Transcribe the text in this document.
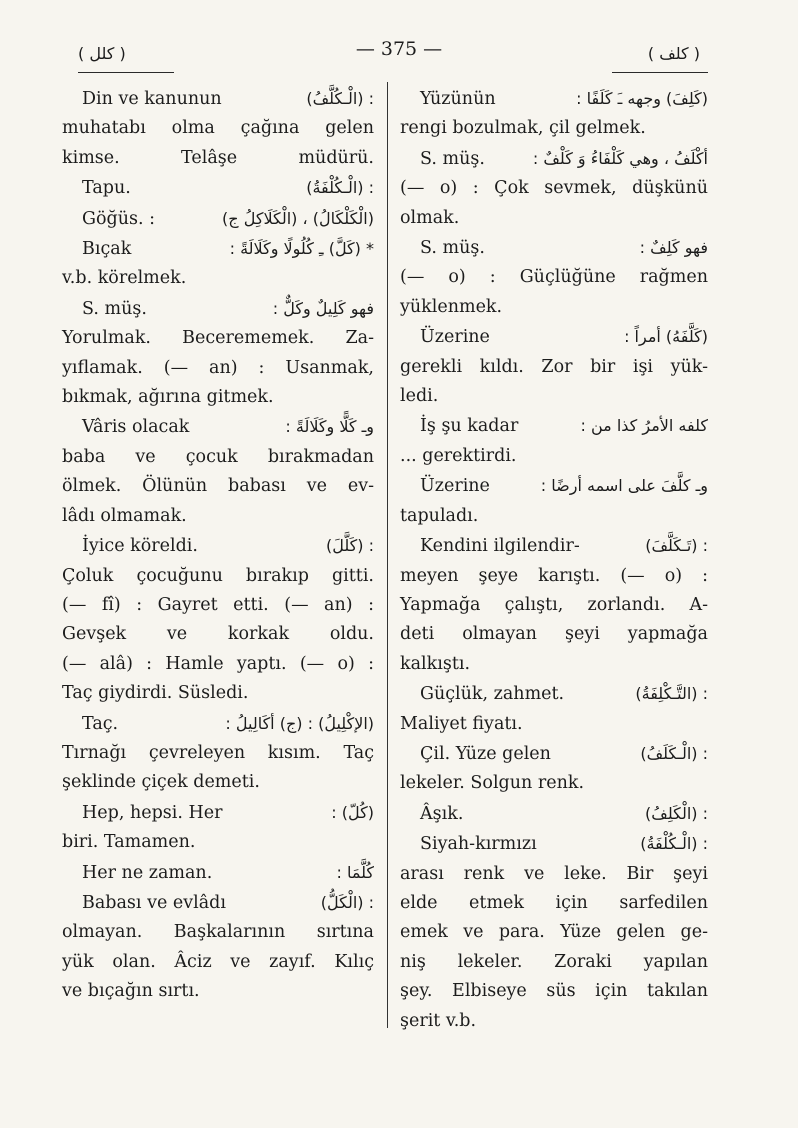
( كلل )	— 375 —	( كلف )
Din ve kanunun	: (الْـكُلَّفُ)
muhatabı olma çağına gelen
kimse. Telâşe müdürü.
Tapu.	: (الْـكُلْفَةُ)
Göğüs. :	(الْكَلْكَالُ) ، (الْكَلَاكِلُ ج)
Bıçak	* (كَلَّ) ـِ كُلُولًا وكَلَالَةً :
v.b. körelmek.
S. müş.	فهو كَلِيلٌ وكَلٌّ :
Yorulmak. Becerememek. Za-
yıflamak. (— an) : Usanmak,
bıkmak, ağırına gitmek.
Vâris olacak	وـ كَلًّا وكَلَالَةً :
baba ve çocuk bırakmadan
ölmek. Ölünün babası ve ev-
lâdı olmamak.
İyice köreldi.	: (كَلَّلَ)
Çoluk çocuğunu bırakıp gitti.
(— fî) : Gayret etti. (— an) :
Gevşek ve korkak oldu.
(— alâ) : Hamle yaptı. (— o) :
Taç giydirdi. Süsledi.
Taç.	(الإكْلِيلُ) : (ج) أكَالِيلُ :
Tırnağı çevreleyen kısım. Taç
şeklinde çiçek demeti.
Hep, hepsi. Her	(كُلّ) :
biri. Tamamen.
Her ne zaman.	كُلَّمَا :
Babası ve evlâdı	: (الْكَلُّ)
olmayan. Başkalarının sırtına
yük olan. Âciz ve zayıf. Kılıç
ve bıçağın sırtı.
Yüzünün	(كَلِفَ) وجهه ـَ كَلَفًا :
rengi bozulmak, çil gelmek.
S. müş.	أكْلَفُ ، وهي كَلْفَاءُ وَ كَلْفٌ :
(— o) : Çok sevmek, düşkünü
olmak.
S. müş.	فهو كَلِفٌ :
(— o) : Güçlüğüne rağmen
yüklenmek.
Üzerine	(كَلَّفَهُ) أمراً :
gerekli kıldı. Zor bir işi yük-
ledi.
İş şu kadar	كلفه الأمرُ كذا من :
... gerektirdi.
Üzerine	وـ كلَّفَ على اسمه أرضًا :
tapuladı.
Kendini ilgilendir-	: (تَـكَلَّفَ)
meyen şeye karıştı. (— o) :
Yapmağa çalıştı, zorlandı. A-
deti olmayan şeyi yapmağa
kalkıştı.
Güçlük, zahmet.	: (التَّـكْلِفَةُ)
Maliyet fiyatı.
Çil. Yüze gelen	: (الْـكَلَفُ)
lekeler. Solgun renk.
Âşık.	: (الْكَلِفُ)
Siyah-kırmızı	: (الْـكُلْفَةُ)
arası renk ve leke. Bir şeyi
elde etmek için sarfedilen
emek ve para. Yüze gelen ge-
niş lekeler. Zoraki yapılan
şey. Elbiseye süs için takılan
şerit v.b.
